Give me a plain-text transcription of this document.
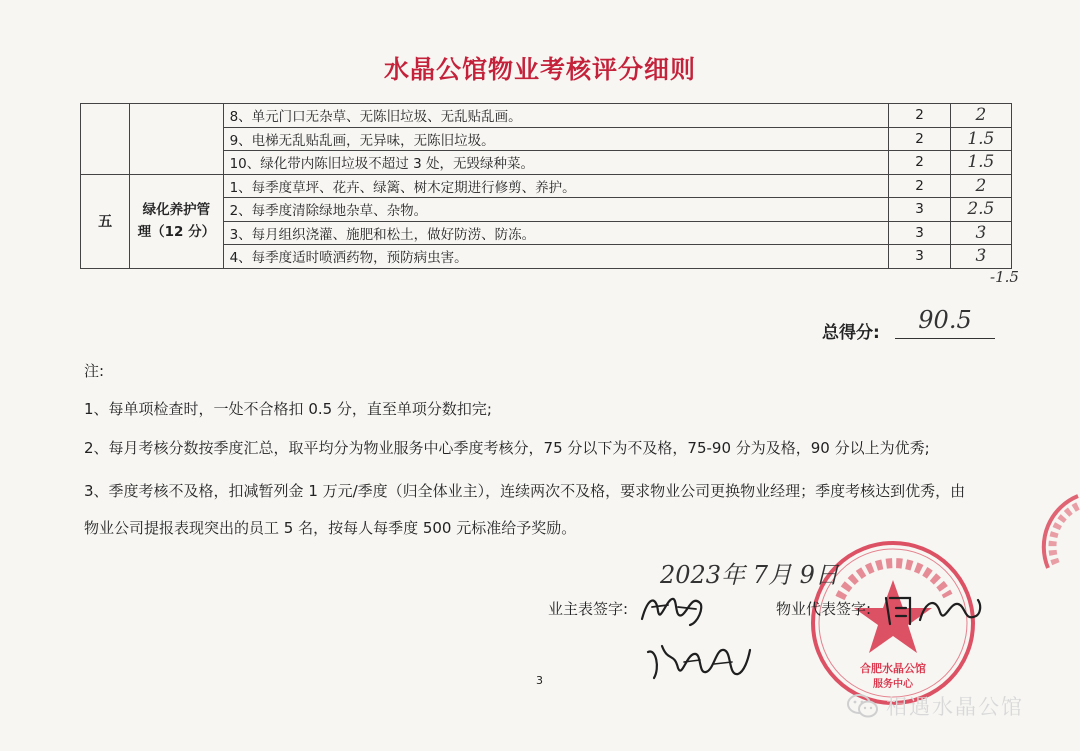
水晶公馆物业考核评分细则
		8、单元门口无杂草、无陈旧垃圾、无乱贴乱画。	2	2
		9、电梯无乱贴乱画，无异味，无陈旧垃圾。	2	1.5
		10、绿化带内陈旧垃圾不超过 3 处，无毁绿种菜。	2	1.5
五	绿化养护管理（12 分）	1、每季度草坪、花卉、绿篱、树木定期进行修剪、养护。	2	2
		2、每季度清除绿地杂草、杂物。	3	2.5
		3、每月组织浇灌、施肥和松土，做好防涝、防冻。	3	3
		4、每季度适时喷洒药物，预防病虫害。	3	3
-1.5
总得分:	90.5
注:
1、每单项检查时，一处不合格扣 0.5 分，直至单项分数扣完;
2、每月考核分数按季度汇总，取平均分为物业服务中心季度考核分，75 分以下为不及格，75-90 分为及格，90 分以上为优秀;
3、季度考核不及格，扣减暂列金 1 万元/季度（归全体业主），连续两次不及格，要求物业公司更换物业经理；季度考核达到优秀，由
物业公司提报表现突出的员工 5 名，按每人每季度 500 元标准给予奖励。
合肥水晶公馆
服务中心
2023年 7月 9日
业主表签字:	物业代表签字:
3
相遇水晶公馆
